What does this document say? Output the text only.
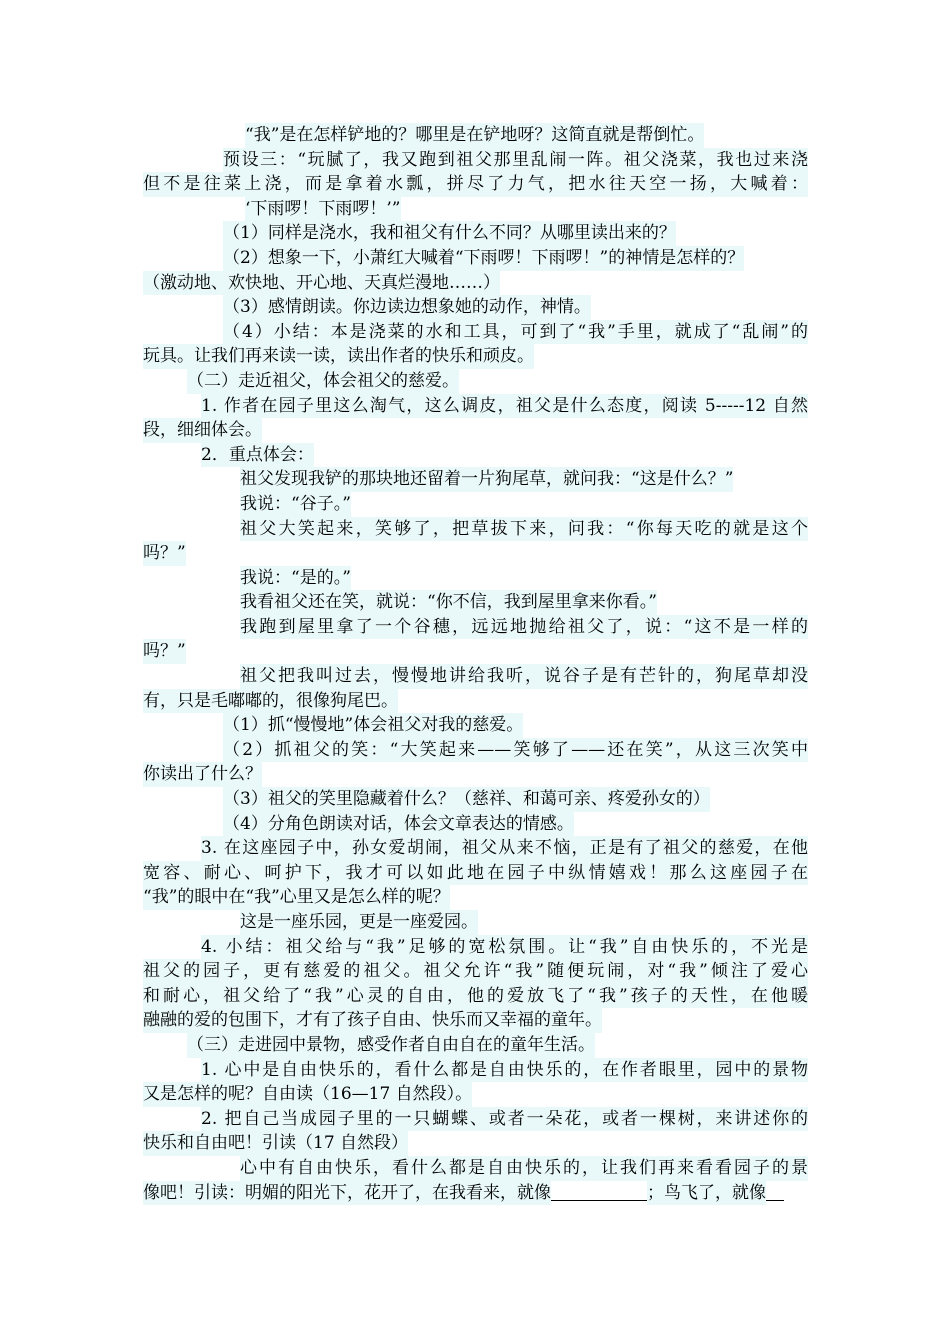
“我”是在怎样铲地的？哪里是在铲地呀？这简直就是帮倒忙。
预设三：“玩腻了，我又跑到祖父那里乱闹一阵。祖父浇菜，我也过来浇
但不是往菜上浇，而是拿着水瓢，拼尽了力气，把水往天空一扬，大喊着：
‘下雨啰！下雨啰！’”
（1）同样是浇水，我和祖父有什么不同？从哪里读出来的？
（2）想象一下，小萧红大喊着“下雨啰！下雨啰！”的神情是怎样的？
（激动地、欢快地、开心地、天真烂漫地……）
（3）感情朗读。你边读边想象她的动作，神情。
（4）小结：本是浇菜的水和工具，可到了“我”手里，就成了“乱闹”的
玩具。让我们再来读一读，读出作者的快乐和顽皮。
（二）走近祖父，体会祖父的慈爱。
1. 作者在园子里这么淘气，这么调皮，祖父是什么态度，阅读 5-----12 自然
段，细细体会。
2．重点体会：
祖父发现我铲的那块地还留着一片狗尾草，就问我：“这是什么？”
我说：“谷子。”
祖父大笑起来，笑够了，把草拔下来，问我：“你每天吃的就是这个
吗？”
我说：“是的。”
我看祖父还在笑，就说：“你不信，我到屋里拿来你看。”
我跑到屋里拿了一个谷穗，远远地抛给祖父了，说：“这不是一样的
吗？”
祖父把我叫过去，慢慢地讲给我听，说谷子是有芒针的，狗尾草却没
有，只是毛嘟嘟的，很像狗尾巴。
（1）抓“慢慢地”体会祖父对我的慈爱。
（2）抓祖父的笑：“大笑起来——笑够了——还在笑”，从这三次笑中
你读出了什么？
（3）祖父的笑里隐藏着什么？（慈祥、和蔼可亲、疼爱孙女的）
（4）分角色朗读对话，体会文章表达的情感。
3. 在这座园子中，孙女爱胡闹，祖父从来不恼，正是有了祖父的慈爱，在他
宽容、耐心、呵护下，我才可以如此地在园子中纵情嬉戏！那么这座园子在
“我”的眼中在“我”心里又是怎么样的呢？
这是一座乐园，更是一座爱园。
4. 小结：祖父给与“我”足够的宽松氛围。让“我”自由快乐的，不光是
祖父的园子，更有慈爱的祖父。祖父允许“我”随便玩闹，对“我”倾注了爱心
和耐心，祖父给了“我”心灵的自由，他的爱放飞了“我”孩子的天性，在他暖
融融的爱的包围下，才有了孩子自由、快乐而又幸福的童年。
（三）走进园中景物，感受作者自由自在的童年生活。
1. 心中是自由快乐的，看什么都是自由快乐的，在作者眼里，园中的景物
又是怎样的呢？自由读（16—17 自然段）。
2. 把自己当成园子里的一只蝴蝶、或者一朵花，或者一棵树，来讲述你的
快乐和自由吧！引读（17 自然段）
心中有自由快乐，看什么都是自由快乐的，让我们再来看看园子的景
像吧！引读：明媚的阳光下，花开了，在我看来，就像	；鸟飞了，就像
